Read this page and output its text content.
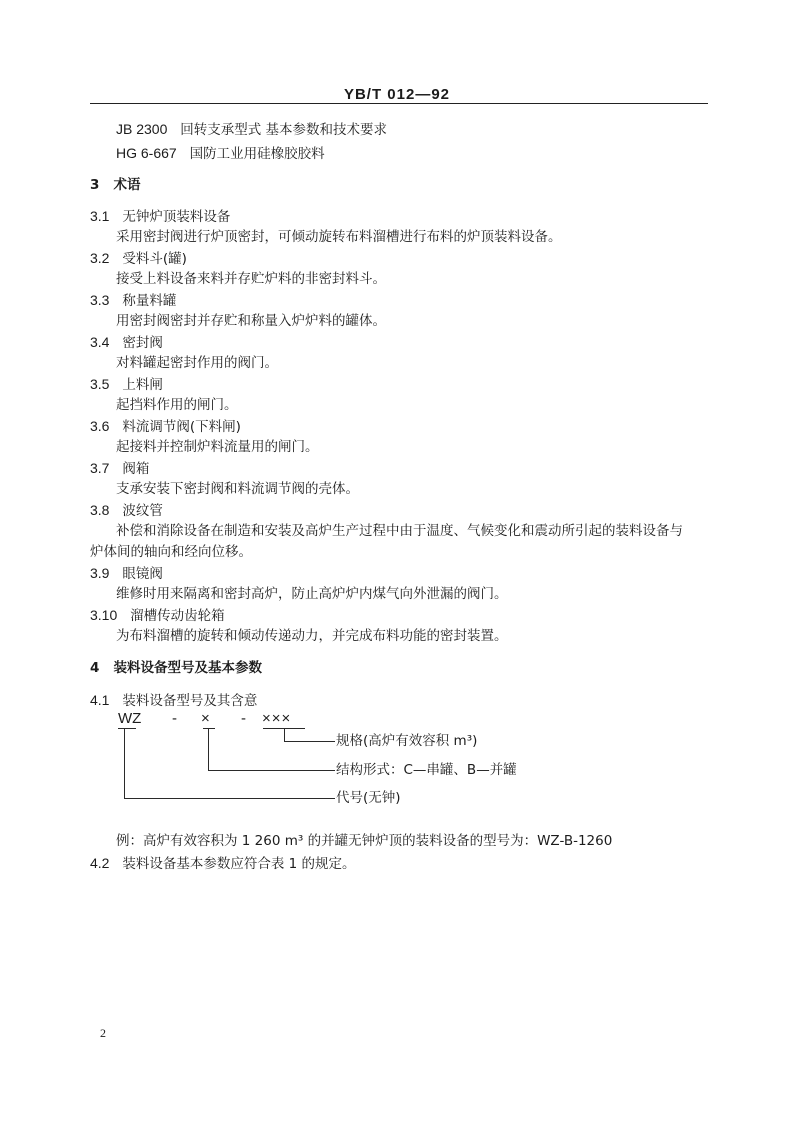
YB/T 012—92
JB 2300 回转支承型式 基本参数和技术要求
HG 6-667 国防工业用硅橡胶胶料
3 术语
3.1 无钟炉顶装料设备
采用密封阀进行炉顶密封，可倾动旋转布料溜槽进行布料的炉顶装料设备。
3.2 受料斗(罐)
接受上料设备来料并存贮炉料的非密封料斗。
3.3 称量料罐
用密封阀密封并存贮和称量入炉炉料的罐体。
3.4 密封阀
对料罐起密封作用的阀门。
3.5 上料闸
起挡料作用的闸门。
3.6 料流调节阀(下料闸)
起接料并控制炉料流量用的闸门。
3.7 阀箱
支承安装下密封阀和料流调节阀的壳体。
3.8 波纹管
补偿和消除设备在制造和安装及高炉生产过程中由于温度、气候变化和震动所引起的装料设备与
炉体间的轴向和经向位移。
3.9 眼镜阀
维修时用来隔离和密封高炉，防止高炉炉内煤气向外泄漏的阀门。
3.10 溜槽传动齿轮箱
为布料溜槽的旋转和倾动传递动力，并完成布料功能的密封装置。
4 装料设备型号及基本参数
4.1 装料设备型号及其含意
WZ - × - ×××
规格(高炉有效容积 m³)
结构形式：C—串罐、B—并罐
代号(无钟)
例：高炉有效容积为 1 260 m³ 的并罐无钟炉顶的装料设备的型号为：WZ-B-1260
4.2 装料设备基本参数应符合表 1 的规定。
2
